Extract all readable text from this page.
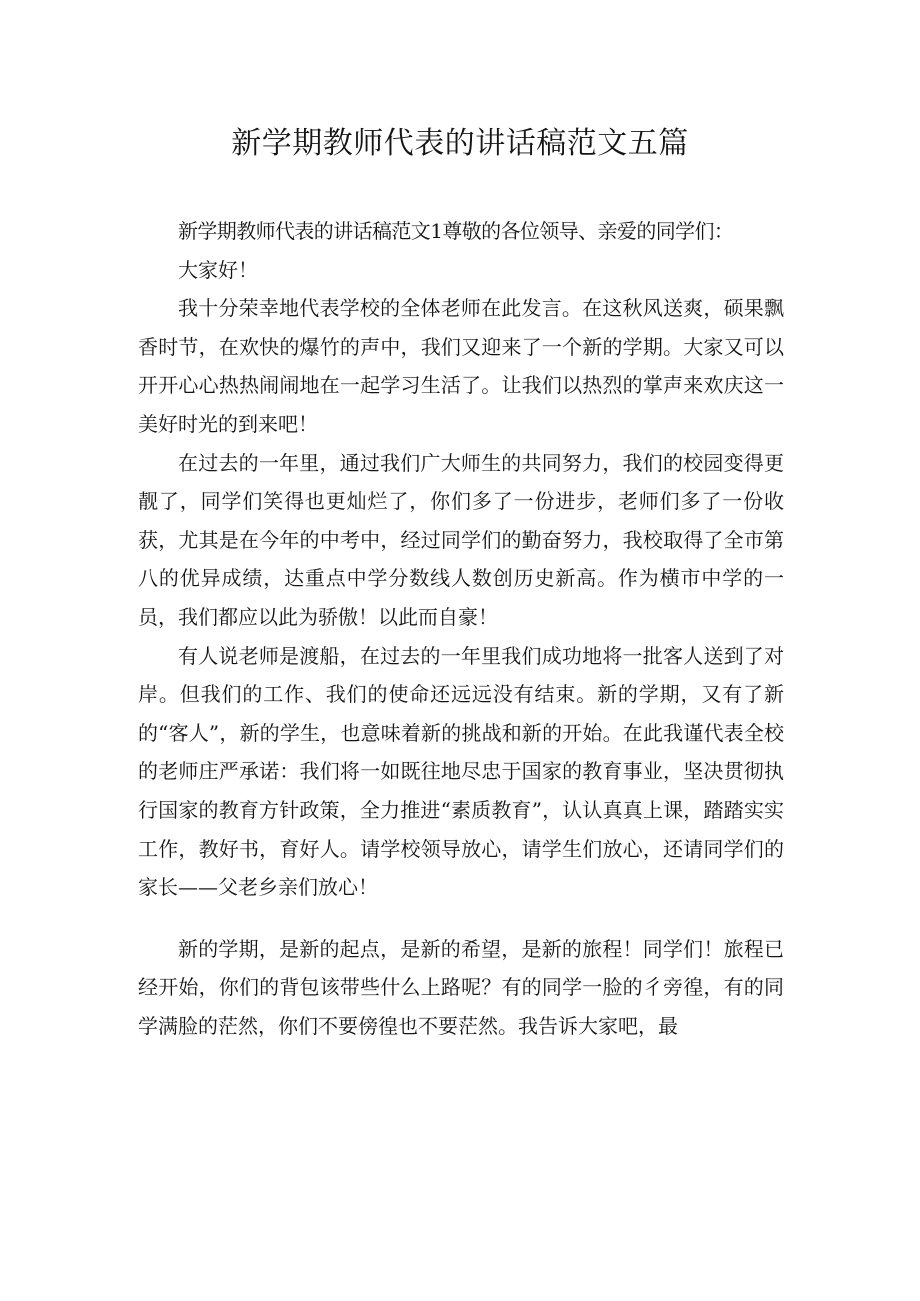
新学期教师代表的讲话稿范文五篇

新学期教师代表的讲话稿范文1尊敬的各位领导、亲爱的同学们：

大家好！

我十分荣幸地代表学校的全体老师在此发言。在这秋风送爽，硕果飘香时节，在欢快的爆竹的声中，我们又迎来了一个新的学期。大家又可以开开心心热热闹闹地在一起学习生活了。让我们以热烈的掌声来欢庆这一美好时光的到来吧！

在过去的一年里，通过我们广大师生的共同努力，我们的校园变得更靓了，同学们笑得也更灿烂了，你们多了一份进步，老师们多了一份收获，尤其是在今年的中考中，经过同学们的勤奋努力，我校取得了全市第八的优异成绩，达重点中学分数线人数创历史新高。作为横市中学的一员，我们都应以此为骄傲！以此而自豪！

有人说老师是渡船，在过去的一年里我们成功地将一批客人送到了对岸。但我们的工作、我们的使命还远远没有结束。新的学期，又有了新的“客人”，新的学生，也意味着新的挑战和新的开始。在此我谨代表全校的老师庄严承诺：我们将一如既往地尽忠于国家的教育事业，坚决贯彻执行国家的教育方针政策，全力推进“素质教育”，认认真真上课，踏踏实实工作，教好书，育好人。请学校领导放心，请学生们放心，还请同学们的家长——父老乡亲们放心！

新的学期，是新的起点，是新的希望，是新的旅程！同学们！旅程已经开始，你们的背包该带些什么上路呢？有的同学一脸的彳旁徨，有的同学满脸的茫然，你们不要傍徨也不要茫然。我告诉大家吧，最
